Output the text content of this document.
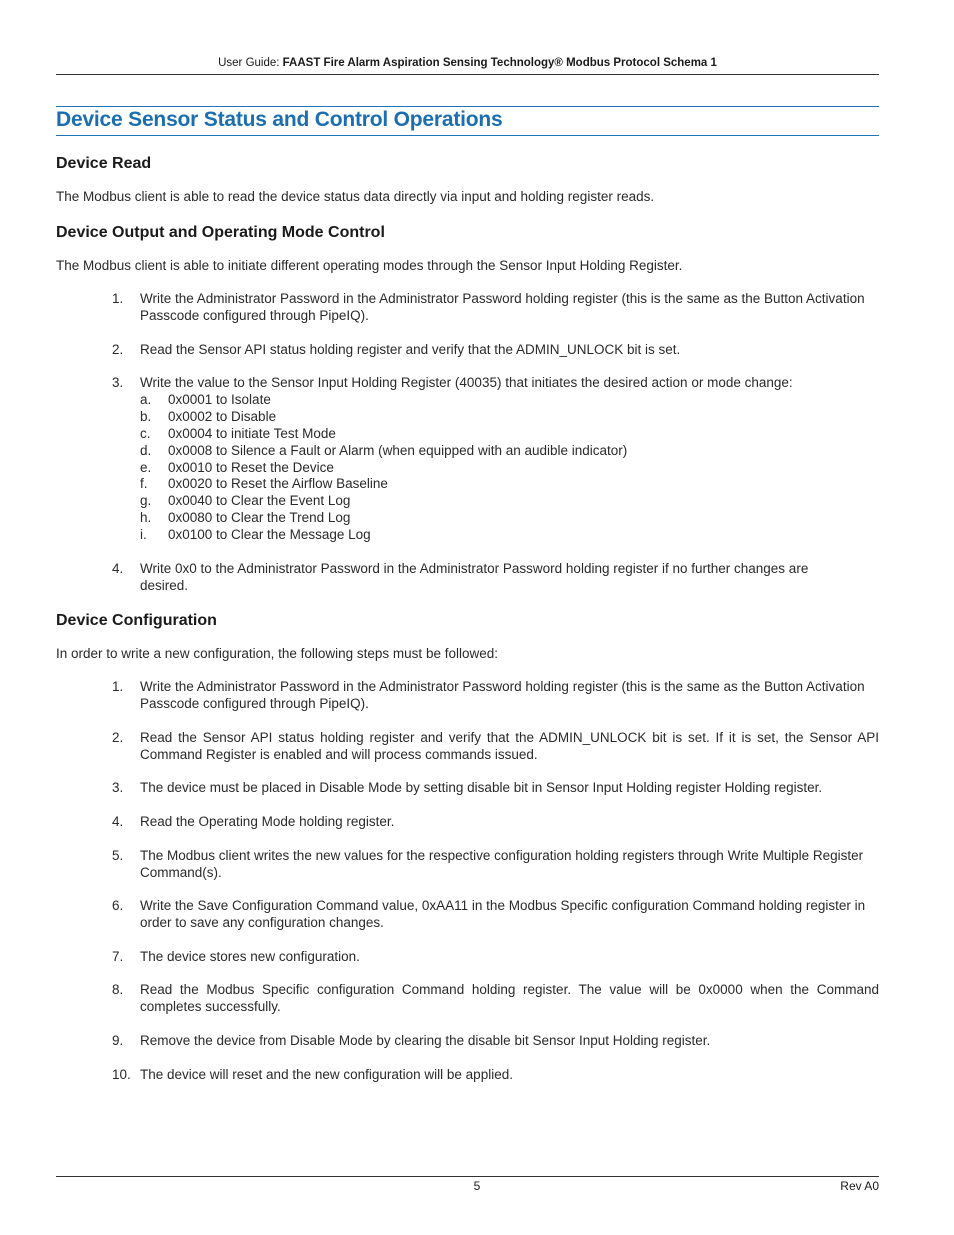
User Guide: FAAST Fire Alarm Aspiration Sensing Technology® Modbus Protocol Schema 1
Device Sensor Status and Control Operations
Device Read
The Modbus client is able to read the device status data directly via input and holding register reads.
Device Output and Operating Mode Control
The Modbus client is able to initiate different operating modes through the Sensor Input Holding Register.
1.	Write the Administrator Password in the Administrator Password holding register (this is the same as the Button Activation Passcode configured through PipeIQ).
2.	Read the Sensor API status holding register and verify that the ADMIN_UNLOCK bit is set.
3.	Write the value to the Sensor Input Holding Register (40035) that initiates the desired action or mode change:
a.	0x0001 to Isolate
b.	0x0002 to Disable
c.	0x0004 to initiate Test Mode
d.	0x0008 to Silence a Fault or Alarm (when equipped with an audible indicator)
e.	0x0010 to Reset the Device
f.	0x0020 to Reset the Airflow Baseline
g.	0x0040 to Clear the Event Log
h.	0x0080 to Clear the Trend Log
i.	0x0100 to Clear the Message Log
4.	Write 0x0 to the Administrator Password in the Administrator Password holding register if no further changes are desired.
Device Configuration
In order to write a new configuration, the following steps must be followed:
1.	Write the Administrator Password in the Administrator Password holding register (this is the same as the Button Activation Passcode configured through PipeIQ).
2.	Read the Sensor API status holding register and verify that the ADMIN_UNLOCK bit is set. If it is set, the Sensor API Command Register is enabled and will process commands issued.
3.	The device must be placed in Disable Mode by setting disable bit in Sensor Input Holding register Holding register.
4.	Read the Operating Mode holding register.
5.	The Modbus client writes the new values for the respective configuration holding registers through Write Multiple Register Command(s).
6.	Write the Save Configuration Command value, 0xAA11 in the Modbus Specific configuration Command holding register in order to save any configuration changes.
7.	The device stores new configuration.
8.	Read the Modbus Specific configuration Command holding register. The value will be 0x0000 when the Command completes successfully.
9.	Remove the device from Disable Mode by clearing the disable bit Sensor Input Holding register.
10. The device will reset and the new configuration will be applied.
5	Rev A0
